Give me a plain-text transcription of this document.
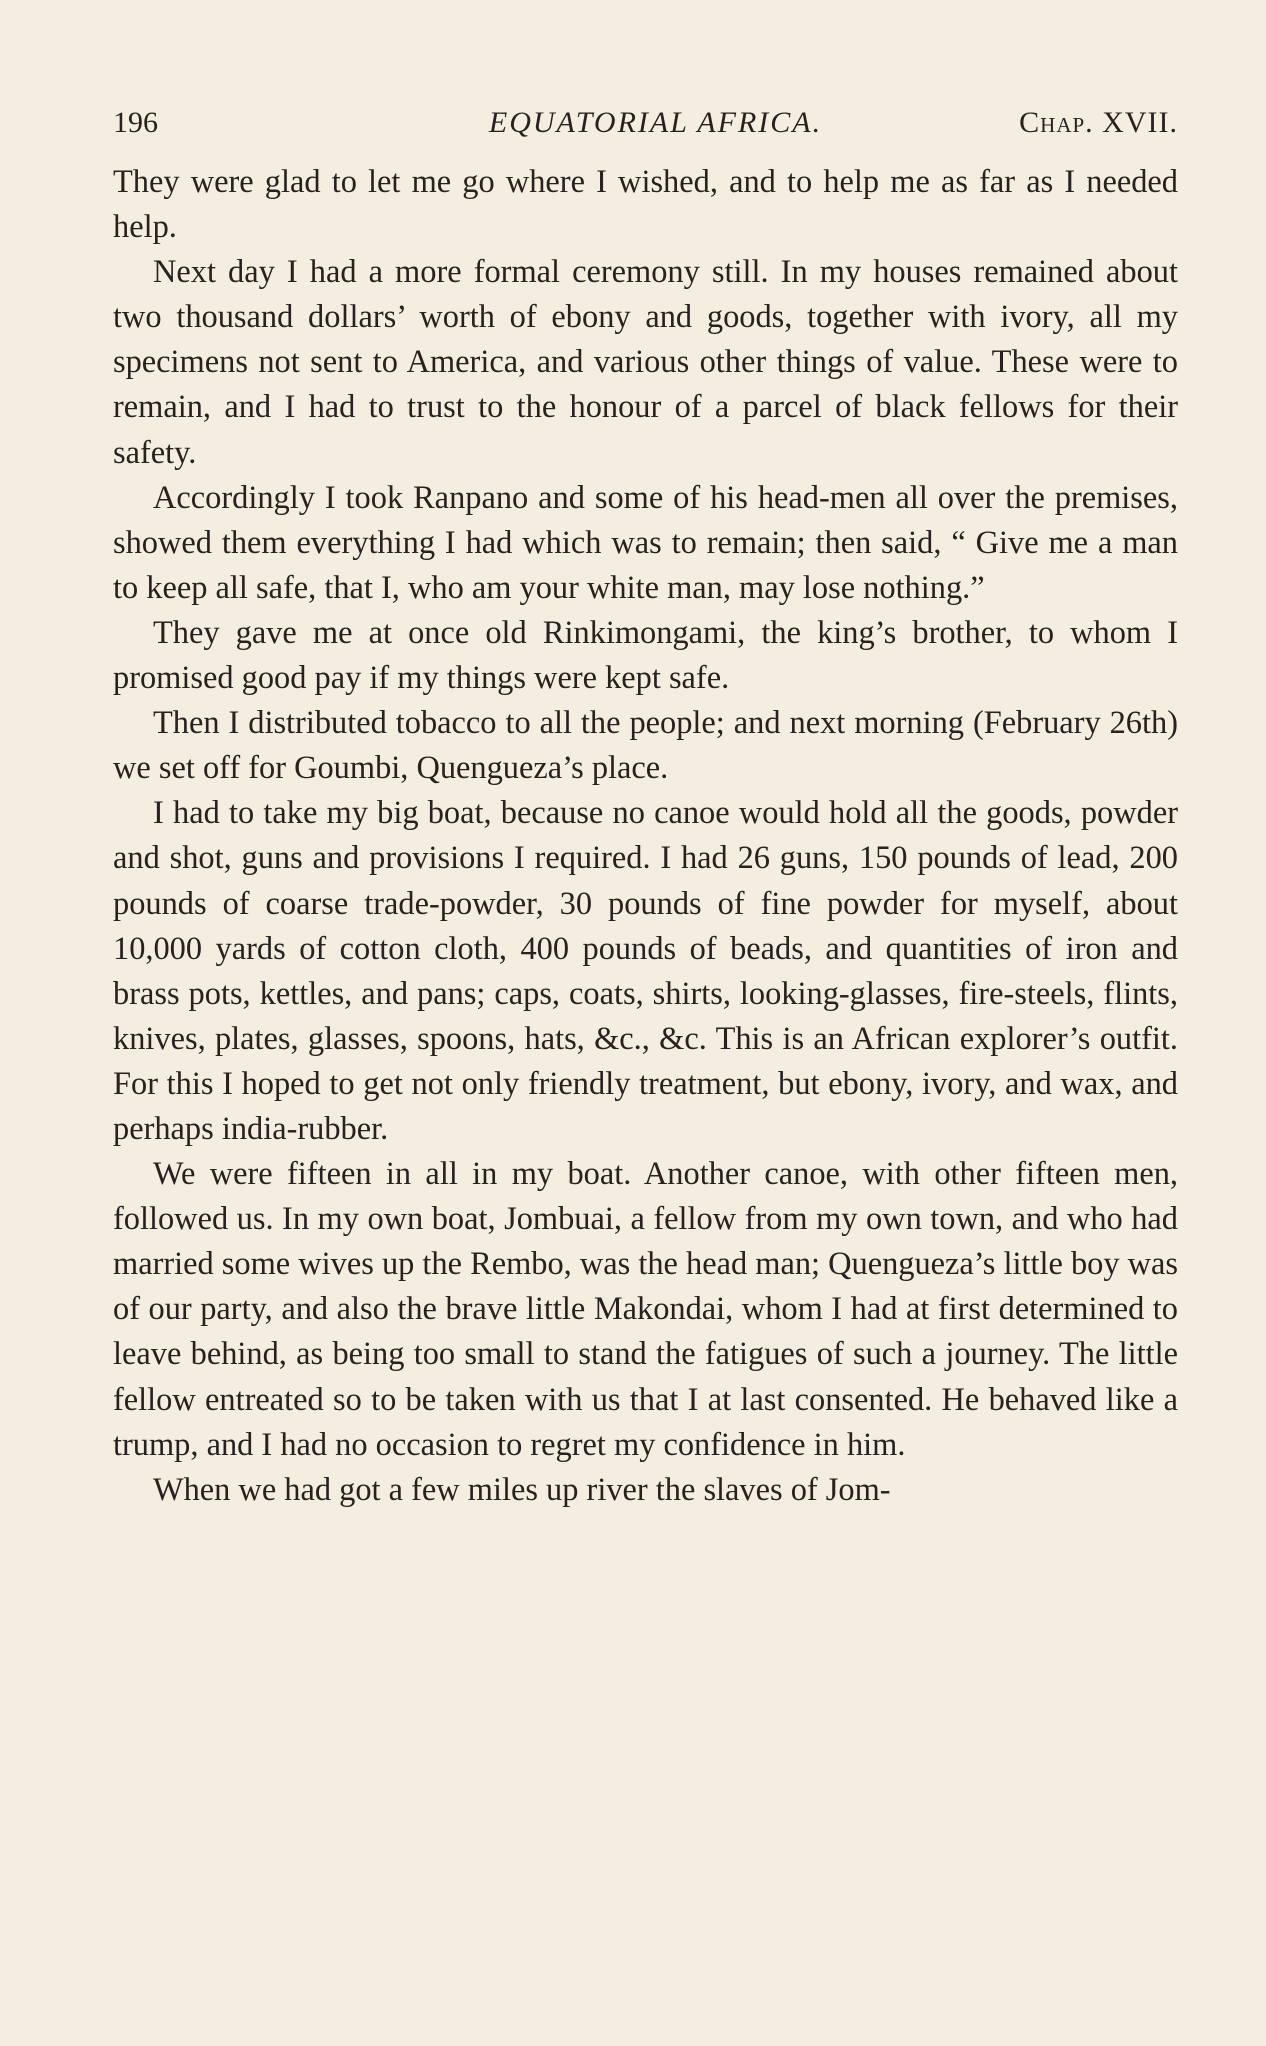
196	EQUATORIAL AFRICA.	Chap. XVII.

They were glad to let me go where I wished, and to help me as far as I needed help.

Next day I had a more formal ceremony still. In my houses remained about two thousand dollars’ worth of ebony and goods, together with ivory, all my specimens not sent to America, and various other things of value. These were to remain, and I had to trust to the honour of a parcel of black fellows for their safety.

Accordingly I took Ranpano and some of his head-men all over the premises, showed them everything I had which was to remain; then said, “ Give me a man to keep all safe, that I, who am your white man, may lose nothing.”

They gave me at once old Rinkimongami, the king’s brother, to whom I promised good pay if my things were kept safe.

Then I distributed tobacco to all the people; and next morning (February 26th) we set off for Goumbi, Quengueza’s place.

I had to take my big boat, because no canoe would hold all the goods, powder and shot, guns and provisions I required. I had 26 guns, 150 pounds of lead, 200 pounds of coarse trade-powder, 30 pounds of fine powder for myself, about 10,000 yards of cotton cloth, 400 pounds of beads, and quantities of iron and brass pots, kettles, and pans; caps, coats, shirts, looking-glasses, fire-steels, flints, knives, plates, glasses, spoons, hats, &c., &c. This is an African explorer’s outfit. For this I hoped to get not only friendly treatment, but ebony, ivory, and wax, and perhaps india-rubber.

We were fifteen in all in my boat. Another canoe, with other fifteen men, followed us. In my own boat, Jombuai, a fellow from my own town, and who had married some wives up the Rembo, was the head man; Quengueza’s little boy was of our party, and also the brave little Makondai, whom I had at first determined to leave behind, as being too small to stand the fatigues of such a journey. The little fellow entreated so to be taken with us that I at last consented. He behaved like a trump, and I had no occasion to regret my confidence in him.

When we had got a few miles up river the slaves of Jom-
